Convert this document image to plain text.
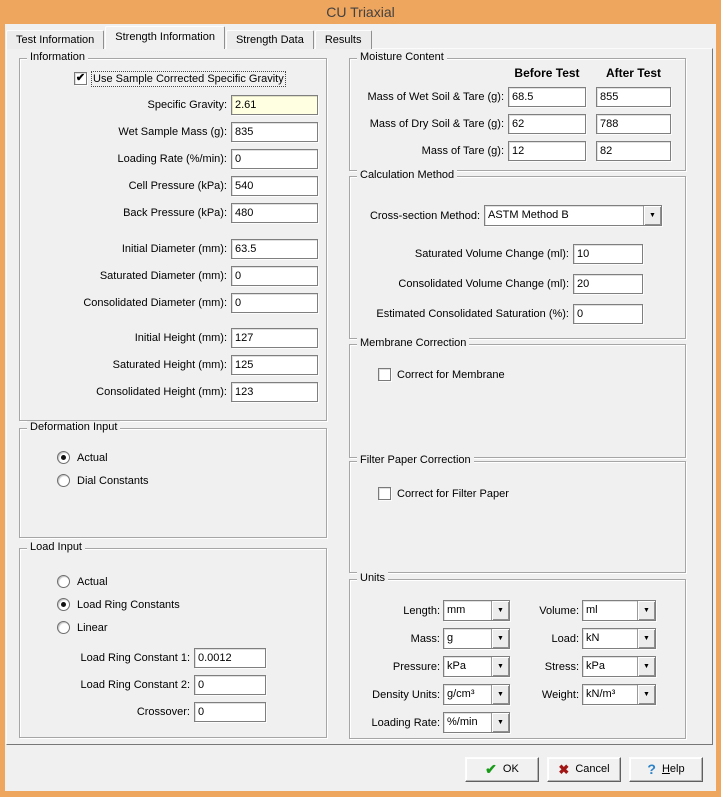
CU Triaxial
Test Information	Strength Information	Strength Data	Results
Information
✔ Use Sample Corrected Specific Gravity
Specific Gravity:
2.61
Wet Sample Mass (g):
835
Loading Rate (%/min):
0
Cell Pressure (kPa):
540
Back Pressure (kPa):
480
Initial Diameter (mm):
63.5
Saturated Diameter (mm):
0
Consolidated Diameter (mm):
0
Initial Height (mm):
127
Saturated Height (mm):
125
Consolidated Height (mm):
123
Deformation Input
Actual
Dial Constants
Load Input
Actual
Load Ring Constants
Linear
Load Ring Constant 1:
0.0012
Load Ring Constant 2:
0
Crossover:
0
Moisture Content
Before Test	After Test
Mass of Wet Soil & Tare (g):
68.5
855
Mass of Dry Soil & Tare (g):
62
788
Mass of Tare (g):
12
82
Calculation Method
Cross-section Method: ASTM Method B	▼
Saturated Volume Change (ml):
10
Consolidated Volume Change (ml):
20
Estimated Consolidated Saturation (%):
0
Membrane Correction
Correct for Membrane
Filter Paper Correction
Correct for Filter Paper
Units
Length: mm	▼	Volume: ml	▼
Mass: g	▼	Load: kN	▼
Pressure: kPa	▼	Stress: kPa	▼
Density Units: g/cm³	▼	Weight: kN/m³	▼
Loading Rate: %/min	▼
✔ OK	✖ Cancel	? Help
